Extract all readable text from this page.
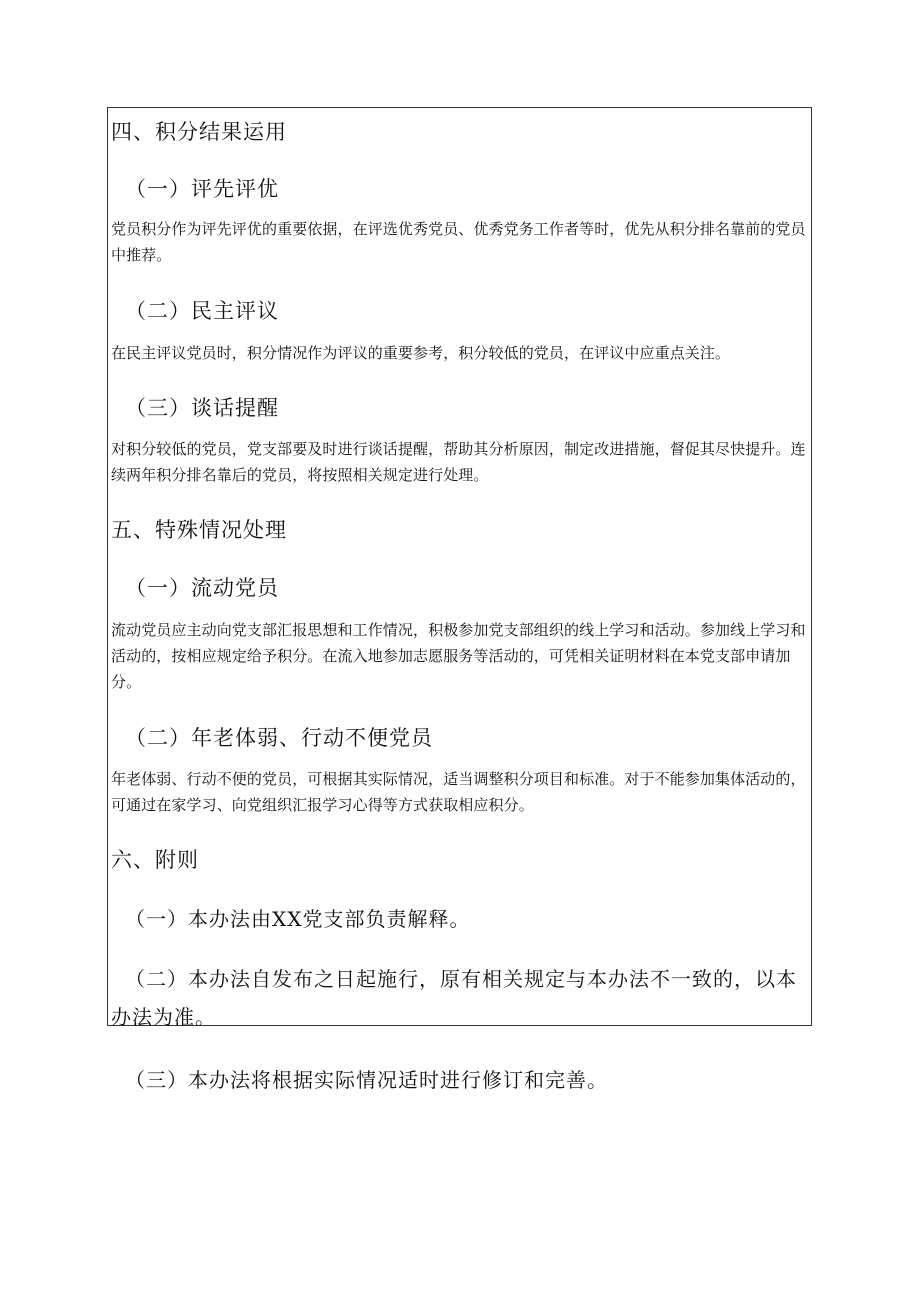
四、积分结果运用
（一）评先评优
党员积分作为评先评优的重要依据，在评选优秀党员、优秀党务工作者等时，优先从积分排名靠前的党员中推荐。
（二）民主评议
在民主评议党员时，积分情况作为评议的重要参考，积分较低的党员，在评议中应重点关注。
（三）谈话提醒
对积分较低的党员，党支部要及时进行谈话提醒，帮助其分析原因，制定改进措施，督促其尽快提升。连续两年积分排名靠后的党员，将按照相关规定进行处理。
五、特殊情况处理
（一）流动党员
流动党员应主动向党支部汇报思想和工作情况，积极参加党支部组织的线上学习和活动。参加线上学习和活动的，按相应规定给予积分。在流入地参加志愿服务等活动的，可凭相关证明材料在本党支部申请加分。
（二）年老体弱、行动不便党员
年老体弱、行动不便的党员，可根据其实际情况，适当调整积分项目和标准。对于不能参加集体活动的，可通过在家学习、向党组织汇报学习心得等方式获取相应积分。
六、附则
（一）本办法由XX党支部负责解释。
（二）本办法自发布之日起施行，原有相关规定与本办法不一致的，以本办法为准。
（三）本办法将根据实际情况适时进行修订和完善。
